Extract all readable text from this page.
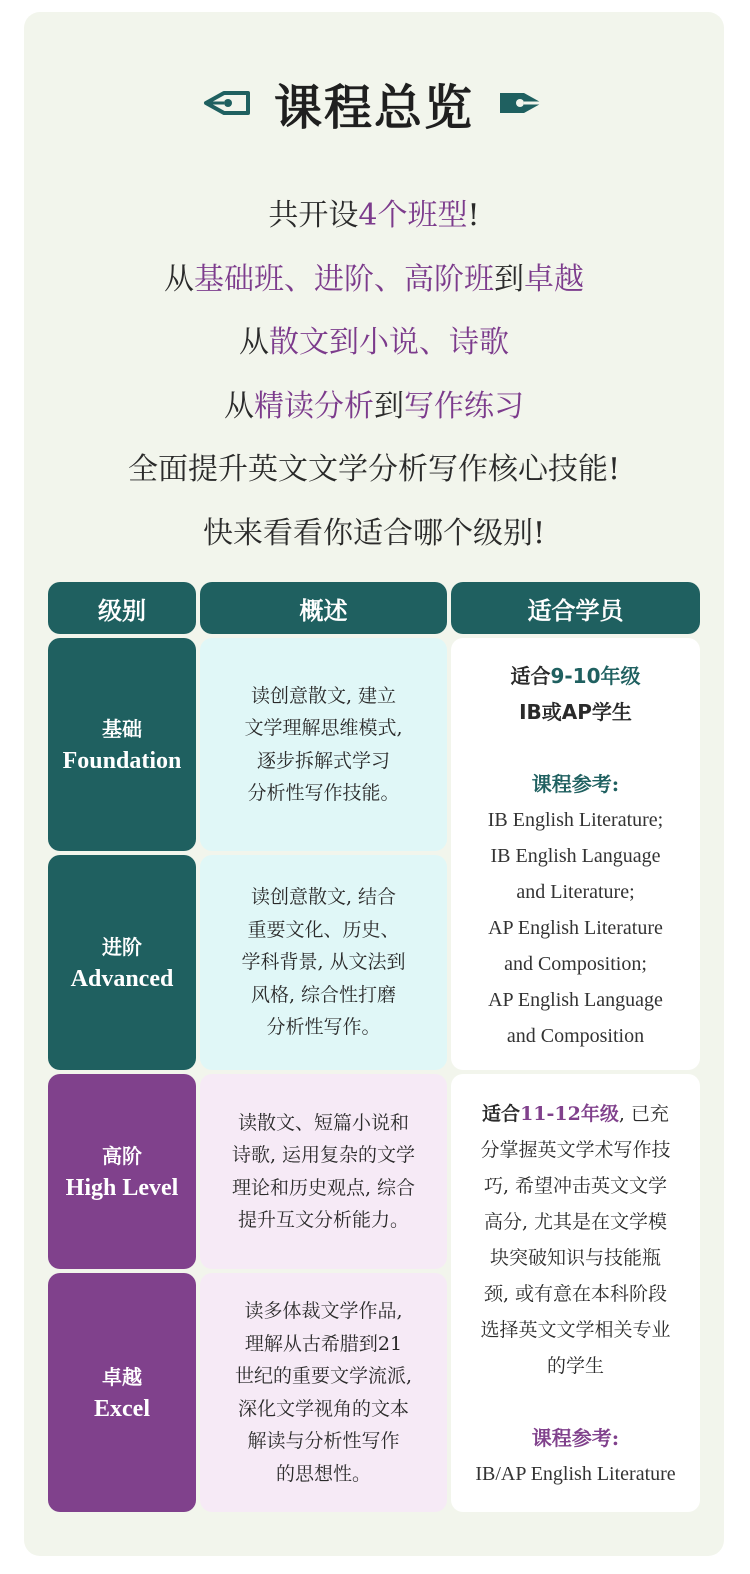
课程总览
共开设4个班型!
从基础班、进阶、高阶班到卓越
从散文到小说、诗歌
从精读分析到写作练习
全面提升英文文学分析写作核心技能!
快来看看你适合哪个级别!
级别	概述	适合学员
基础
Foundation
读创意散文, 建立
文学理解思维模式,
逐步拆解式学习
分析性写作技能。
进阶
Advanced
读创意散文, 结合
重要文化、历史、
学科背景, 从文法到
风格, 综合性打磨
分析性写作。
适合9-10年级
IB或AP学生
课程参考:
IB English Literature;
IB English Language
and Literature;
AP English Literature
and Composition;
AP English Language
and Composition
高阶
High Level
读散文、短篇小说和
诗歌, 运用复杂的文学
理论和历史观点, 综合
提升互文分析能力。
卓越
Excel
读多体裁文学作品,
理解从古希腊到21
世纪的重要文学流派,
深化文学视角的文本
解读与分析性写作
的思想性。
适合11-12年级, 已充
分掌握英文学术写作技
巧, 希望冲击英文文学
高分, 尤其是在文学模
块突破知识与技能瓶
颈, 或有意在本科阶段
选择英文文学相关专业
的学生
课程参考:
IB/AP English Literature
